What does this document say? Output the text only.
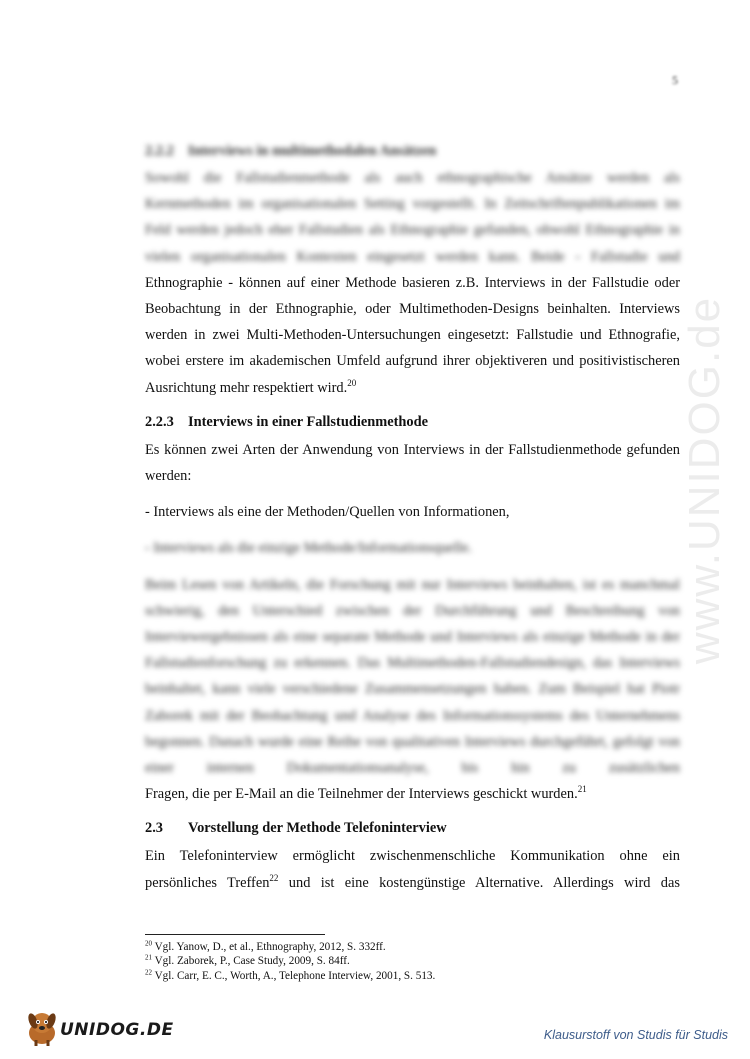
5
www.UNIDOG.de
2.2.2 Interviews in multimethodalen Ansätzen

Sowohl die Fallstudienmethode als auch ethnographische Ansätze werden als

Kernmethoden im organisationalen Setting vorgestellt. In Zeitschriftenpublikationen im

Feld werden jedoch eher Fallstudien als Ethnographie gefunden, obwohl Ethnographie in

vielen organisationalen Kontexten eingesetzt werden kann. Beide - Fallstudie und

Ethnographie - können auf einer Methode basieren z.B. Interviews in der Fallstudie oder Beobachtung in der Ethnographie, oder Multimethoden-Designs beinhalten. Interviews werden in zwei Multi-Methoden-Untersuchungen eingesetzt: Fallstudie und Ethnografie, wobei erstere im akademischen Umfeld aufgrund ihrer objektiveren und positivistischeren Ausrichtung mehr respektiert wird.$^{20}$

2.2.3 Interviews in einer Fallstudienmethode

Es können zwei Arten der Anwendung von Interviews in der Fallstudienmethode gefunden werden:

- Interviews als eine der Methoden/Quellen von Informationen,

- Interviews als die einzige Methode/Informationsquelle.

Beim Lesen von Artikeln, die Forschung mit nur Interviews beinhalten, ist es manchmal schwierig, den Unterschied zwischen der Durchführung und Beschreibung von Interviewergebnissen als eine separate Methode und Interviews als einzige Methode in der Fallstudienforschung zu erkennen. Das Multimethoden-Fallstudiendesign, das Interviews beinhaltet, kann viele verschiedene Zusammensetzungen haben. Zum Beispiel hat Piotr Zaborek mit der Beobachtung und Analyse des Informationssystems des Unternehmens begonnen. Danach wurde eine Reihe von qualitativen Interviews durchgeführt, gefolgt von einer internen Dokumentationsanalyse, bis hin zu zusätzlichen

Fragen, die per E-Mail an die Teilnehmer der Interviews geschickt wurden.$^{21}$

2.3 Vorstellung der Methode Telefoninterview

Ein Telefoninterview ermöglicht zwischenmenschliche Kommunikation ohne ein persönliches Treffen$^{22}$ und ist eine kostengünstige Alternative. Allerdings wird das

$^{20}$ Vgl. Yanow, D., et al., Ethnography, 2012, S. 332ff.
$^{21}$ Vgl. Zaborek, P., Case Study, 2009, S. 84ff.
$^{22}$ Vgl. Carr, E. C., Worth, A., Telephone Interview, 2001, S. 513.
UNIDOG.DE	Klausurstoff von Studis für Studis
